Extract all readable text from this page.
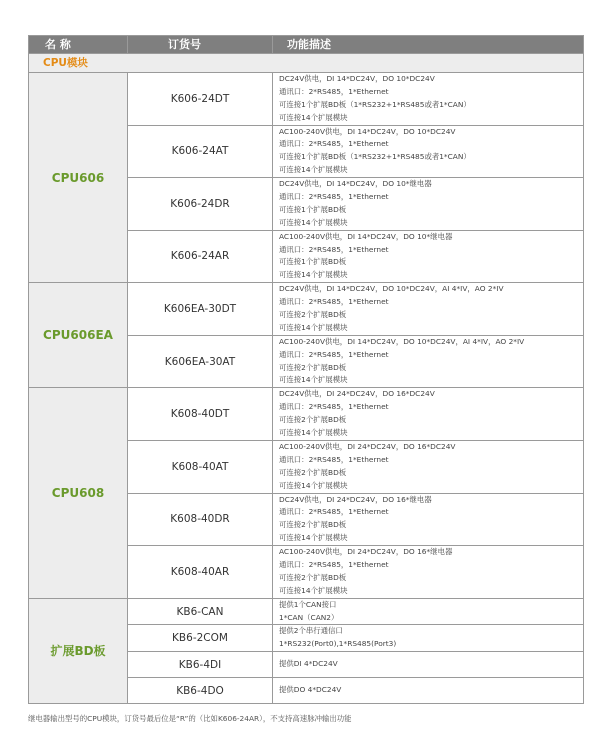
名 称	订货号	功能描述
CPU模块		
CPU606	K606-24DT	DC24V供电，DI 14*DC24V，DO 10*DC24V
通讯口：2*RS485，1*Ethernet
可连接1个扩展BD板（1*RS232+1*RS485或者1*CAN）
可连接14个扩展模块

	K606-24AT	AC100-240V供电，DI 14*DC24V，DO 10*DC24V
通讯口：2*RS485，1*Ethernet
可连接1个扩展BD板（1*RS232+1*RS485或者1*CAN）
可连接14个扩展模块

	K606-24DR	DC24V供电，DI 14*DC24V，DO 10*继电器
通讯口：2*RS485，1*Ethernet
可连接1个扩展BD板
可连接14个扩展模块

	K606-24AR	AC100-240V供电，DI 14*DC24V，DO 10*继电器
通讯口：2*RS485，1*Ethernet
可连接1个扩展BD板
可连接14个扩展模块

CPU606EA	K606EA-30DT	DC24V供电，DI 14*DC24V，DO 10*DC24V，AI 4*IV，AO 2*IV
通讯口：2*RS485，1*Ethernet
可连接2个扩展BD板
可连接14个扩展模块

	K606EA-30AT	AC100-240V供电，DI 14*DC24V，DO 10*DC24V，AI 4*IV，AO 2*IV
通讯口：2*RS485，1*Ethernet
可连接2个扩展BD板
可连接14个扩展模块

CPU608	K608-40DT	DC24V供电，DI 24*DC24V，DO 16*DC24V
通讯口：2*RS485，1*Ethernet
可连接2个扩展BD板
可连接14个扩展模块

	K608-40AT	AC100-240V供电，DI 24*DC24V，DO 16*DC24V
通讯口：2*RS485，1*Ethernet
可连接2个扩展BD板
可连接14个扩展模块

	K608-40DR	DC24V供电，DI 24*DC24V，DO 16*继电器
通讯口：2*RS485，1*Ethernet
可连接2个扩展BD板
可连接14个扩展模块

	K608-40AR	AC100-240V供电，DI 24*DC24V，DO 16*继电器
通讯口：2*RS485，1*Ethernet
可连接2个扩展BD板
可连接14个扩展模块

扩展BD板	KB6-CAN	提供1个CAN接口
1*CAN（CAN2）

	KB6-2COM	提供2个串行通信口
1*RS232(Port0),1*RS485(Port3)

	KB6-4DI	提供DI 4*DC24V

	KB6-4DO	提供DO 4*DC24V
继电器输出型号的CPU模块，订货号最后位是“R”的（比如K606-24AR），不支持高速脉冲输出功能
